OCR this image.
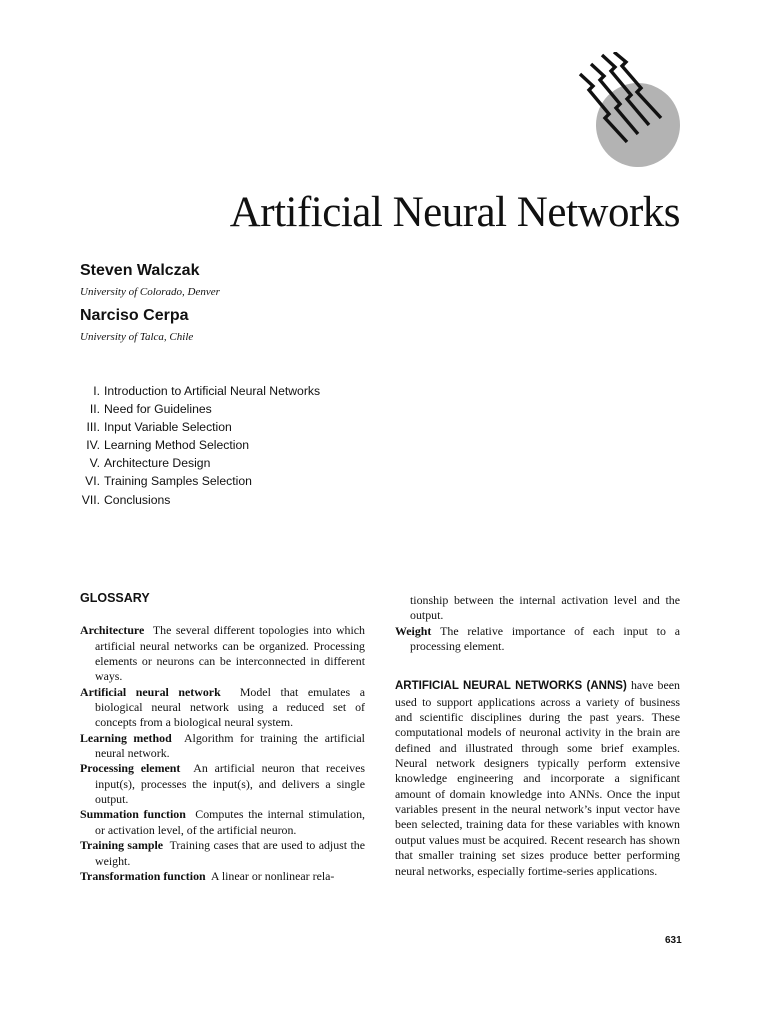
Artificial Neural Networks

Steven Walczak

University of Colorado, Denver

Narciso Cerpa

University of Talca, Chile

I. Introduction to Artificial Neural Networks
II. Need for Guidelines
III. Input Variable Selection
IV. Learning Method Selection
V. Architecture Design
VI. Training Samples Selection
VII. Conclusions
GLOSSARY

Architecture The several different topologies into which artificial neural networks can be organized. Processing elements or neurons can be interconnected in different ways.

Artificial neural network Model that emulates a biological neural network using a reduced set of concepts from a biological neural system.

Learning method Algorithm for training the artificial neural network.

Processing element An artificial neuron that receives input(s), processes the input(s), and delivers a single output.

Summation function Computes the internal stimulation, or activation level, of the artificial neuron.

Training sample Training cases that are used to adjust the weight.

Transformation function A linear or nonlinear rela-

tionship between the internal activation level and the output.

Weight The relative importance of each input to a processing element.

ARTIFICIAL NEURAL NETWORKS (ANNS) have been used to support applications across a variety of business and scientific disciplines during the past years. These computational models of neuronal activity in the brain are defined and illustrated through some brief examples. Neural network designers typically perform extensive knowledge engineering and incorporate a significant amount of domain knowledge into ANNs. Once the input variables present in the neural network’s input vector have been selected, training data for these variables with known output values must be acquired. Recent research has shown that smaller training set sizes produce better performing neural networks, especially fortime-series applications.

631
